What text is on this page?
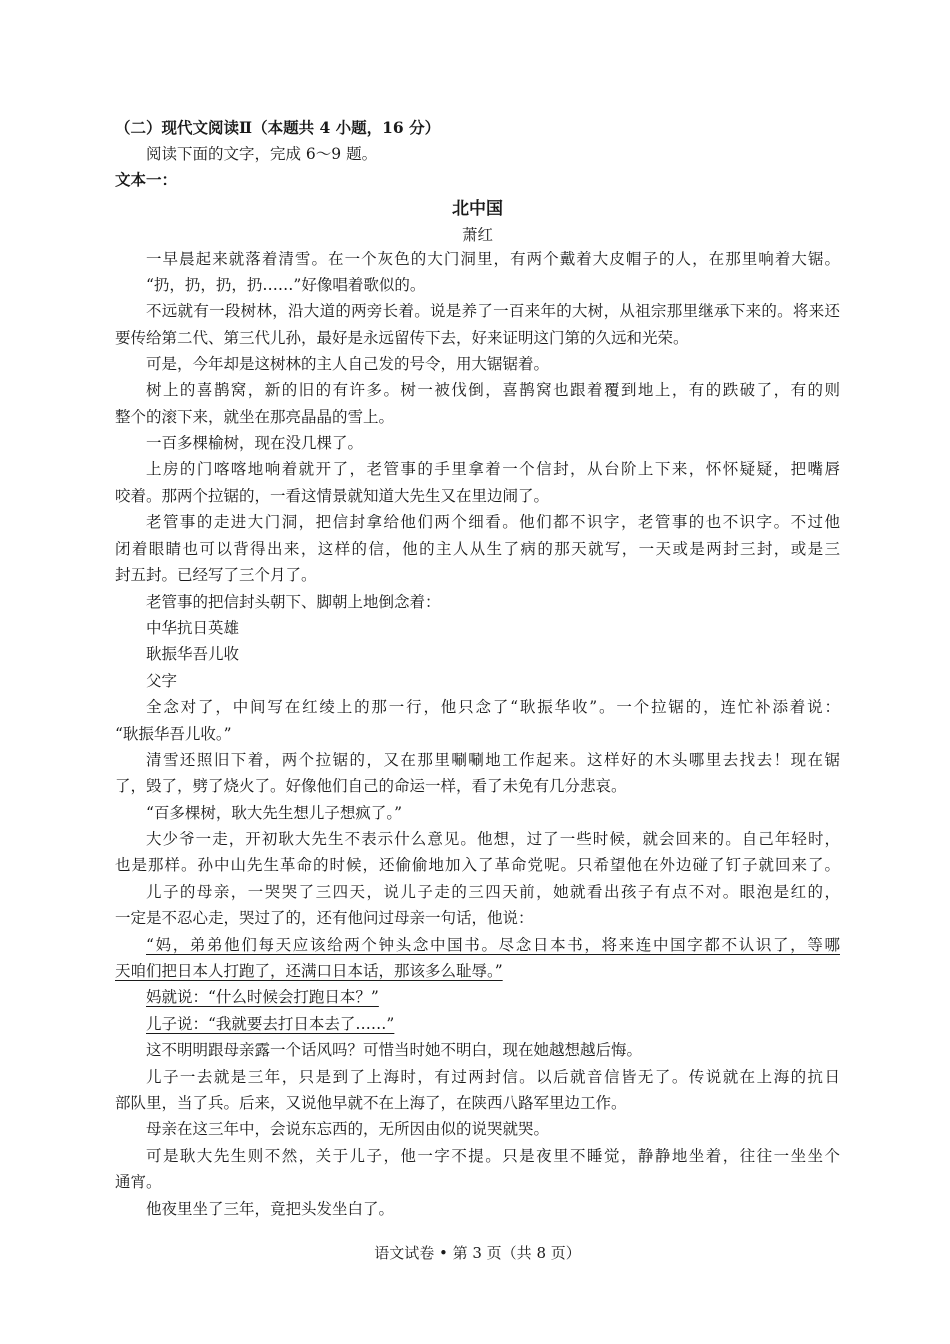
（二）现代文阅读Ⅱ（本题共 4 小题，16 分）
阅读下面的文字，完成 6～9 题。
文本一：
北中国
萧红
一早晨起来就落着清雪。在一个灰色的大门洞里，有两个戴着大皮帽子的人，在那里响着大锯。
“扔，扔，扔，扔……”好像唱着歌似的。
不远就有一段树林，沿大道的两旁长着。说是养了一百来年的大树，从祖宗那里继承下来的。将来还
要传给第二代、第三代儿孙，最好是永远留传下去，好来证明这门第的久远和光荣。
可是，今年却是这树林的主人自己发的号令，用大锯锯着。
树上的喜鹊窝，新的旧的有许多。树一被伐倒，喜鹊窝也跟着覆到地上，有的跌破了，有的则
整个的滚下来，就坐在那亮晶晶的雪上。
一百多棵榆树，现在没几棵了。
上房的门喀喀地响着就开了，老管事的手里拿着一个信封，从台阶上下来，怀怀疑疑，把嘴唇
咬着。那两个拉锯的，一看这情景就知道大先生又在里边闹了。
老管事的走进大门洞，把信封拿给他们两个细看。他们都不识字，老管事的也不识字。不过他
闭着眼睛也可以背得出来，这样的信，他的主人从生了病的那天就写，一天或是两封三封，或是三
封五封。已经写了三个月了。
老管事的把信封头朝下、脚朝上地倒念着：
中华抗日英雄
耿振华吾儿收
父字
全念对了，中间写在红绫上的那一行，他只念了“耿振华收”。一个拉锯的，连忙补添着说：
“耿振华吾儿收。”
清雪还照旧下着，两个拉锯的，又在那里唰唰地工作起来。这样好的木头哪里去找去！现在锯
了，毁了，劈了烧火了。好像他们自己的命运一样，看了未免有几分悲哀。
“百多棵树，耿大先生想儿子想疯了。”
大少爷一走，开初耿大先生不表示什么意见。他想，过了一些时候，就会回来的。自己年轻时，
也是那样。孙中山先生革命的时候，还偷偷地加入了革命党呢。只希望他在外边碰了钉子就回来了。
儿子的母亲，一哭哭了三四天，说儿子走的三四天前，她就看出孩子有点不对。眼泡是红的，
一定是不忍心走，哭过了的，还有他问过母亲一句话，他说：
“妈，弟弟他们每天应该给两个钟头念中国书。尽念日本书，将来连中国字都不认识了，等哪
天咱们把日本人打跑了，还满口日本话，那该多么耻辱。”
妈就说：“什么时候会打跑日本？”
儿子说：“我就要去打日本去了……”
这不明明跟母亲露一个话风吗？可惜当时她不明白，现在她越想越后悔。
儿子一去就是三年，只是到了上海时，有过两封信。以后就音信皆无了。传说就在上海的抗日
部队里，当了兵。后来，又说他早就不在上海了，在陕西八路军里边工作。
母亲在这三年中，会说东忘西的，无所因由似的说哭就哭。
可是耿大先生则不然，关于儿子，他一字不提。只是夜里不睡觉，静静地坐着，往往一坐坐个
通宵。
他夜里坐了三年，竟把头发坐白了。
语文试卷 • 第 3 页（共 8 页）
